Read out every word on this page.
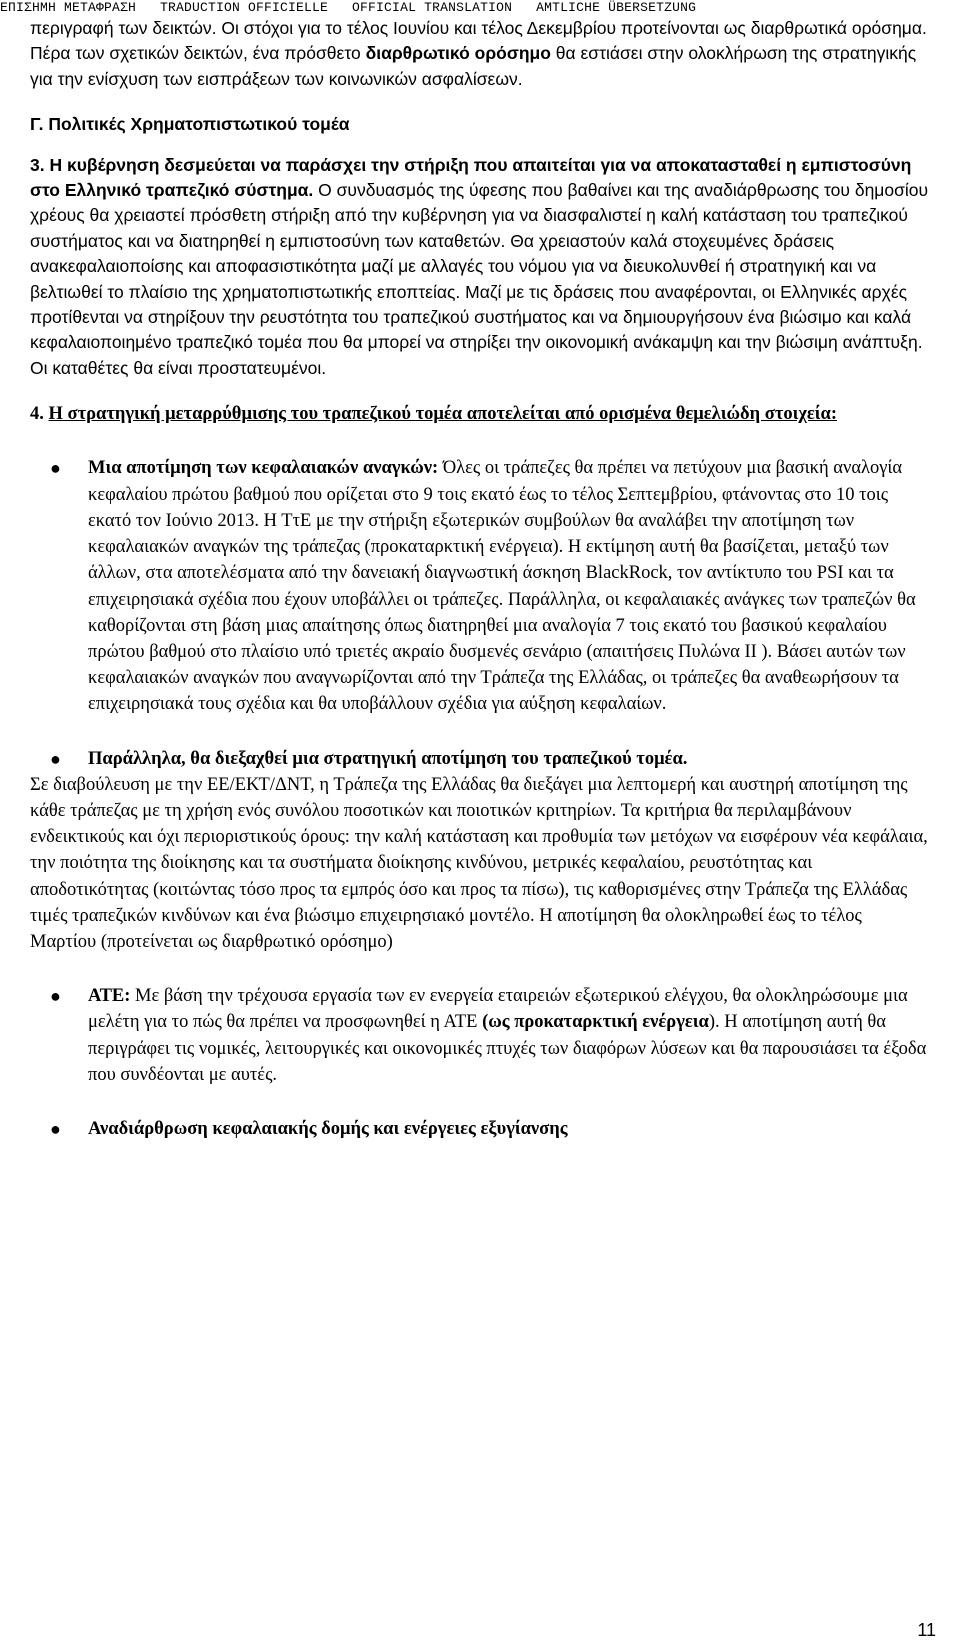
ΕΠΙΣΗΜΗ ΜΕΤΑΦΡΑΣΗ   TRADUCTION OFFICIELLE   OFFICIAL TRANSLATION   AMTLICHE ÜBERSETZUNG

περιγραφή των δεικτών. Οι στόχοι για το τέλος Ιουνίου και τέλος Δεκεμβρίου προτείνονται ως διαρθρωτικά ορόσημα. Πέρα των σχετικών δεικτών, ένα πρόσθετο διαρθρωτικό ορόσημο θα εστιάσει στην ολοκλήρωση της στρατηγικής για την ενίσχυση των εισπράξεων των κοινωνικών ασφαλίσεων.

Γ. Πολιτικές Χρηματοπιστωτικού τομέα

3. Η κυβέρνηση δεσμεύεται να παράσχει την στήριξη που απαιτείται για να αποκατασταθεί η εμπιστοσύνη στο Ελληνικό τραπεζικό σύστημα. Ο συνδυασμός της ύφεσης που βαθαίνει και της αναδιάρθρωσης του δημοσίου χρέους θα χρειαστεί πρόσθετη στήριξη από την κυβέρνηση για να διασφαλιστεί η καλή κατάσταση του τραπεζικού συστήματος και να διατηρηθεί η εμπιστοσύνη των καταθετών. Θα χρειαστούν καλά στοχευμένες δράσεις ανακεφαλαιοποίσης και αποφασιστικότητα μαζί με αλλαγές του νόμου για να διευκολυνθεί ή στρατηγική και να βελτιωθεί το πλαίσιο της χρηματοπιστωτικής εποπτείας. Μαζί με τις δράσεις που αναφέρονται, οι Ελληνικές αρχές προτίθενται να στηρίξουν την ρευστότητα του τραπεζικού συστήματος και να δημιουργήσουν ένα βιώσιμο και καλά κεφαλαιοποιημένο τραπεζικό τομέα που θα μπορεί να στηρίξει την οικονομική ανάκαμψη και την βιώσιμη ανάπτυξη. Οι καταθέτες θα είναι προστατευμένοι.

4. Η στρατηγική μεταρρύθμισης του τραπεζικού τομέα αποτελείται από ορισμένα θεμελιώδη στοιχεία:

● Μια αποτίμηση των κεφαλαιακών αναγκών: Όλες οι τράπεζες θα πρέπει να πετύχουν μια βασική αναλογία κεφαλαίου πρώτου βαθμού που ορίζεται στο 9 τοις εκατό έως το τέλος Σεπτεμβρίου, φτάνοντας στο 10 τοις εκατό τον Ιούνιο 2013. Η ΤτΕ με την στήριξη εξωτερικών συμβούλων θα αναλάβει την αποτίμηση των κεφαλαιακών αναγκών της τράπεζας (προκαταρκτική ενέργεια). Η εκτίμηση αυτή θα βασίζεται, μεταξύ των άλλων, στα αποτελέσματα από την δανειακή διαγνωστική άσκηση BlackRock, τον αντίκτυπο του PSI και τα επιχειρησιακά σχέδια που έχουν υποβάλλει οι τράπεζες. Παράλληλα, οι κεφαλαιακές ανάγκες των τραπεζών θα καθορίζονται στη βάση μιας απαίτησης όπως διατηρηθεί μια αναλογία 7 τοις εκατό του βασικού κεφαλαίου πρώτου βαθμού στο πλαίσιο υπό τριετές ακραίο δυσμενές σενάριο (απαιτήσεις Πυλώνα ΙΙ ). Βάσει αυτών των κεφαλαιακών αναγκών που αναγνωρίζονται από την Τράπεζα της Ελλάδας, οι τράπεζες θα αναθεωρήσουν τα επιχειρησιακά τους σχέδια και θα υποβάλλουν σχέδια για αύξηση κεφαλαίων.

● Παράλληλα, θα διεξαχθεί μια στρατηγική αποτίμηση του τραπεζικού τομέα.

Σε διαβούλευση με την ΕΕ/ΕΚΤ/ΔΝΤ, η Τράπεζα της Ελλάδας θα διεξάγει μια λεπτομερή και αυστηρή αποτίμηση της κάθε τράπεζας με τη χρήση ενός συνόλου ποσοτικών και ποιοτικών κριτηρίων. Τα κριτήρια θα περιλαμβάνουν ενδεικτικούς και όχι περιοριστικούς όρους: την καλή κατάσταση και προθυμία των μετόχων να εισφέρουν νέα κεφάλαια, την ποιότητα της διοίκησης και τα συστήματα διοίκησης κινδύνου, μετρικές κεφαλαίου, ρευστότητας και αποδοτικότητας (κοιτώντας τόσο προς τα εμπρός όσο και προς τα πίσω), τις καθορισμένες στην Τράπεζα της Ελλάδας τιμές τραπεζικών κινδύνων και ένα βιώσιμο επιχειρησιακό μοντέλο. Η αποτίμηση θα ολοκληρωθεί έως το τέλος Μαρτίου (προτείνεται ως διαρθρωτικό ορόσημο)

● ΑΤΕ: Με βάση την τρέχουσα εργασία των εν ενεργεία εταιρειών εξωτερικού ελέγχου, θα ολοκληρώσουμε μια μελέτη για το πώς θα πρέπει να προσφωνηθεί η ΑΤΕ (ως προκαταρκτική ενέργεια). Η αποτίμηση αυτή θα περιγράφει τις νομικές, λειτουργικές και οικονομικές πτυχές των διαφόρων λύσεων και θα παρουσιάσει τα έξοδα που συνδέονται με αυτές.

● Αναδιάρθρωση κεφαλαιακής δομής και ενέργειες εξυγίανσης

11
